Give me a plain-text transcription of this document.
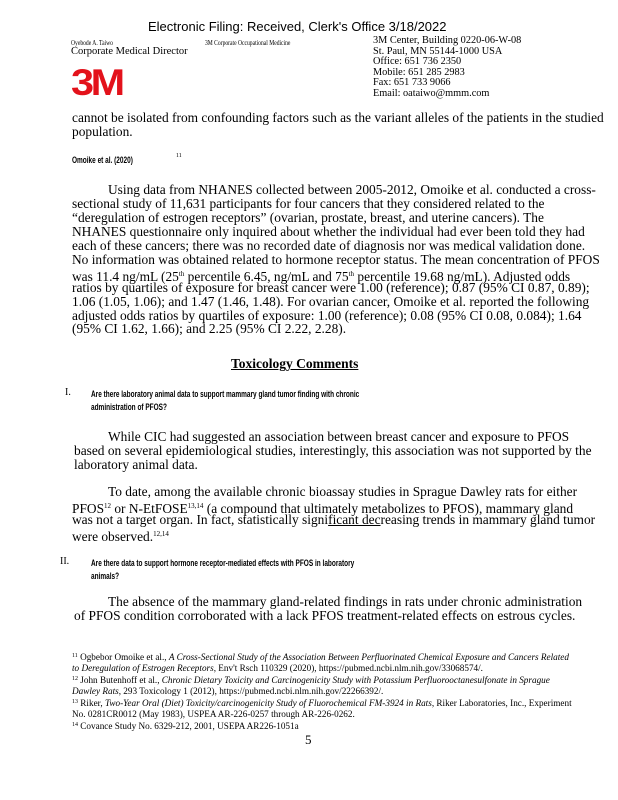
Electronic Filing: Received, Clerk's Office 3/18/2022
Oyebode A. Taiwo
Corporate Medical Director
3M Corporate Occupational Medicine	3M Center, Building 0220-06-W-08
St. Paul, MN 55144-1000 USA
Office: 651 736 2350
Mobile: 651 285 2983
Fax: 651 733 9066
Email: oataiwo@mmm.com
3M
cannot be isolated from confounding factors such as the variant alleles of the patients in the studied
population.
Omoike et al. (2020)	11
Using data from NHANES collected between 2005-2012, Omoike et al. conducted a cross-
sectional study of 11,631 participants for four cancers that they considered related to the
“deregulation of estrogen receptors” (ovarian, prostate, breast, and uterine cancers). The
NHANES questionnaire only inquired about whether the individual had ever been told they had
each of these cancers; there was no recorded date of diagnosis nor was medical validation done.
No information was obtained related to hormone receptor status. The mean concentration of PFOS
was 11.4 ng/mL (25th percentile 6.45, ng/mL and 75th percentile 19.68 ng/mL). Adjusted odds
ratios by quartiles of exposure for breast cancer were 1.00 (reference); 0.87 (95% CI 0.87, 0.89);
1.06 (1.05, 1.06); and 1.47 (1.46, 1.48). For ovarian cancer, Omoike et al. reported the following
adjusted odds ratios by quartiles of exposure: 1.00 (reference); 0.08 (95% CI 0.08, 0.084); 1.64
(95% CI 1.62, 1.66); and 2.25 (95% CI 2.22, 2.28).
Toxicology Comments
I. Are there laboratory animal data to support mammary gland tumor finding with chronic
administration of PFOS?
While CIC had suggested an association between breast cancer and exposure to PFOS
based on several epidemiological studies, interestingly, this association was not supported by the
laboratory animal data.
To date, among the available chronic bioassay studies in Sprague Dawley rats for either
PFOS$^{12}$ or N-EtFOSE$^{13,14}$ (a compound that ultimately metabolizes to PFOS), mammary gland
was not a target organ. In fact, statistically significant decreasing trends in mammary gland tumor
were observed.$^{12,14}$
II. Are there data to support hormone receptor-mediated effects with PFOS in laboratory
animals?
The absence of the mammary gland-related findings in rats under chronic administration
of PFOS condition corroborated with a lack PFOS treatment-related effects on estrous cycles.
$^{11}$ Ogbebor Omoike et al., A Cross-Sectional Study of the Association Between Perfluorinated Chemical Exposure and Cancers Related to Deregulation of Estrogen Receptors, Env't Rsch 110329 (2020), https://pubmed.ncbi.nlm.nih.gov/33068574/.
$^{12}$ John Butenhoff et al., Chronic Dietary Toxicity and Carcinogenicity Study with Potassium Perfluorooctanesulfonate in Sprague Dawley Rats, 293 Toxicology 1 (2012), https://pubmed.ncbi.nlm.nih.gov/22266392/.
$^{13}$ Riker, Two-Year Oral (Diet) Toxicity/carcinogenicity Study of Fluorochemical FM-3924 in Rats, Riker Laboratories, Inc., Experiment No. 0281CR0012 (May 1983), USPEA AR-226-0257 through AR-226-0262.
$^{14}$ Covance Study No. 6329-212, 2001, USEPA AR226-1051a
5
